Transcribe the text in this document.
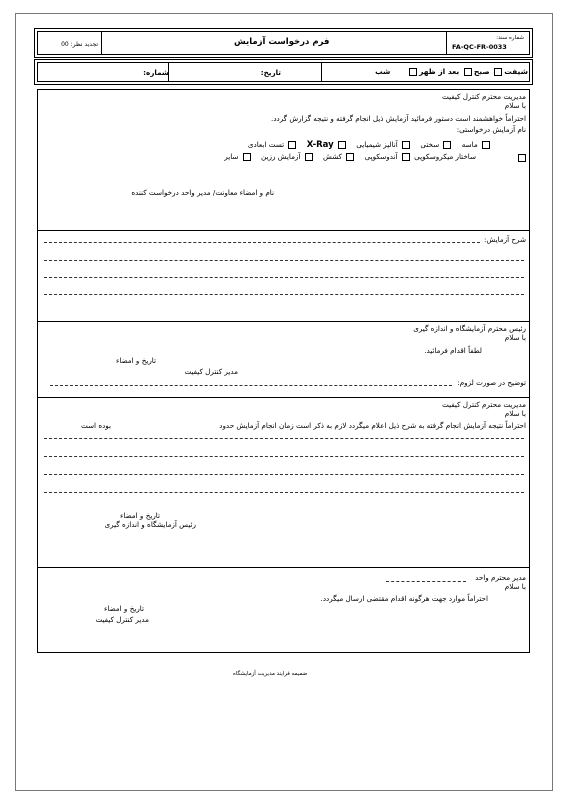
تجدید نظر: 00	فرم درخواست آزمایش	شماره سند:
FA-QC-FR-0033
شیفت صبح بعد از ظهر شب
تاریخ:
شماره:
مدیریت محترم کنترل کیفیت
با سلام
احتراماً خواهشمند است دستور فرمائید آزمایش ذیل انجام گرفته و نتیجه گزارش گردد.
نام آزمایش درخواستی:
ماسه  سختی  آنالیز شیمیایی  X-Ray  تست ابعادی
ساختار میکروسکوپی  آندوسکوپی  کشش  آزمایش رزین  سایر
نام و امضاء معاونت/ مدیر واحد درخواست کننده
شرح آزمایش:
رئیس محترم آزمایشگاه و اندازه گیری
با سلام
لطفاً اقدام فرمائید.
تاریخ و امضاء
مدیر کنترل کیفیت
توضیح در صورت لزوم:
مدیریت محترم کنترل کیفیت
با سلام
احتراماً نتیجه آزمایش انجام گرفته به شرح ذیل اعلام میگردد لازم به ذکر است زمان انجام آزمایش حدود
بوده است
تاریخ و امضاء
رئیس آزمایشگاه و اندازه گیری
مدیر محترم واحد
با سلام
احتراماً موارد جهت هرگونه اقدام مقتضی ارسال میگردد.
تاریخ و امضاء
مدیر کنترل کیفیت
ضمیمه فرایند مدیریت آزمایشگاه
